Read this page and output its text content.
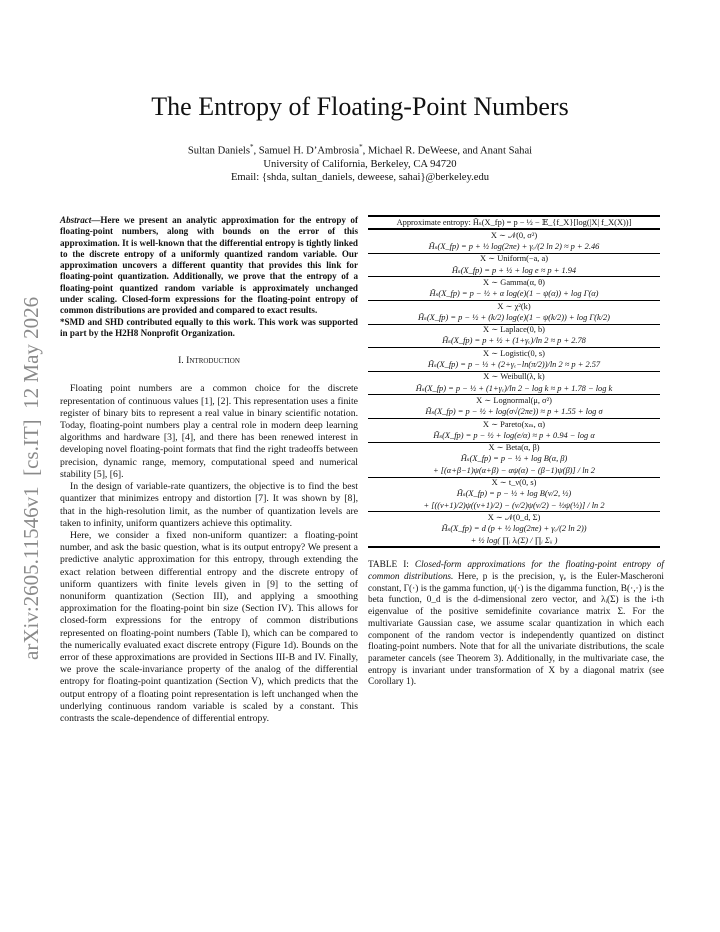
arXiv:2605.11546v1  [cs.IT]  12 May 2026
The Entropy of Floating-Point Numbers
Sultan Daniels*, Samuel H. D’Ambrosia*, Michael R. DeWeese, and Anant Sahai
University of California, Berkeley, CA 94720
Email: {shda, sultan_daniels, deweese, sahai}@berkeley.edu
Abstract—Here we present an analytic approximation for the entropy of floating-point numbers, along with bounds on the error of this approximation. It is well-known that the differential entropy is tightly linked to the discrete entropy of a uniformly quantized random variable. Our approximation uncovers a different quantity that provides this link for floating-point quantization. Additionally, we prove that the entropy of a floating-point quantized random variable is approximately unchanged under scaling. Closed-form expressions for the floating-point entropy of common distributions are provided and compared to exact results.
*SMD and SHD contributed equally to this work. This work was supported in part by the H2H8 Nonprofit Organization.
I. Introduction

Floating point numbers are a common choice for the discrete representation of continuous values [1], [2]. This representation uses a finite register of binary bits to represent a real value in binary scientific notation. Today, floating-point numbers play a central role in modern deep learning algorithms and hardware [3], [4], and there has been renewed interest in developing novel floating-point formats that find the right tradeoffs between precision, dynamic range, memory, computational speed and numerical stability [5], [6].

In the design of variable-rate quantizers, the objective is to find the best quantizer that minimizes entropy and distortion [7]. It was shown by [8], that in the high-resolution limit, as the number of quantization levels are taken to infinity, uniform quantizers achieve this optimality.

Here, we consider a fixed non-uniform quantizer: a floating-point number, and ask the basic question, what is its output entropy? We present a predictive analytic approximation for this entropy, through extending the exact relation between differential entropy and the discrete entropy of uniform quantizers with finite levels given in [9] to the setting of nonuniform quantization (Section III), and applying a smoothing approximation for the floating-point bin size (Section IV). This allows for closed-form expressions for the entropy of common distributions represented on floating-point numbers (Table I), which can be compared to the numerically evaluated exact discrete entropy (Figure 1d). Bounds on the error of these approximations are provided in Sections III-B and IV. Finally, we prove the scale-invariance property of the analog of the differential entropy for floating-point quantization (Section V), which predicts that the output entropy of a floating point representation is left unchanged when the underlying continuous random variable is scaled by a constant. This contrasts the scale-dependence of differential entropy.

Approximate entropy: H̃ₛ(X_fp) = p − ½ − 𝔼_{f_X}[log(|X| f_X(X))]
X ∼ 𝒩(0, σ²)
H̃ₛ(X_fp) = p + ½ log(2πe) + γₑ/(2 ln 2) ≈ p + 2.46
X ∼ Uniform(−a, a)
H̃ₛ(X_fp) = p + ½ + log e ≈ p + 1.94
X ∼ Gamma(α, θ)
H̃ₛ(X_fp) = p − ½ + α log(e)(1 − ψ(α)) + log Γ(α)
X ∼ χ²(k)
H̃ₛ(X_fp) = p − ½ + (k/2) log(e)(1 − ψ(k/2)) + log Γ(k/2)
X ∼ Laplace(0, b)
H̃ₛ(X_fp) = p + ½ + (1+γₑ)/ln 2 ≈ p + 2.78
X ∼ Logistic(0, s)
H̃ₛ(X_fp) = p − ½ + (2+γₑ−ln(π/2))/ln 2 ≈ p + 2.57
X ∼ Weibull(λ, k)
H̃ₛ(X_fp) = p − ½ + (1+γₑ)/ln 2 − log k ≈ p + 1.78 − log k
X ∼ Lognormal(μ, σ²)
H̃ₛ(X_fp) = p − ½ + log(σ√(2πe)) ≈ p + 1.55 + log σ
X ∼ Pareto(xₘ, α)
H̃ₛ(X_fp) = p − ½ + log(e/α) ≈ p + 0.94 − log α
X ∼ Beta(α, β)
H̃ₛ(X_fp) = p − ½ + log B(α, β)
+ [(α+β−1)ψ(α+β) − αψ(α) − (β−1)ψ(β)] / ln 2
X ∼ t_ν(0, s)
H̃ₛ(X_fp) = p − ½ + log B(ν/2, ½)
+ [((ν+1)/2)ψ((ν+1)/2) − (ν/2)ψ(ν/2) − ½ψ(½)] / ln 2
X ∼ 𝒩(0_d, Σ)
H̃ₛ(X_fp) = d (p + ½ log(2πe) + γₑ/(2 ln 2))
+ ½ log( ∏ᵢ λᵢ(Σ) / ∏ᵢ Σᵢᵢ )
TABLE I: Closed-form approximations for the floating-point entropy of common distributions. Here, p is the precision, γₑ is the Euler-Mascheroni constant, Γ(·) is the gamma function, ψ(·) is the digamma function, B(·,·) is the beta function, 0_d is the d-dimensional zero vector, and λᵢ(Σ) is the i-th eigenvalue of the positive semidefinite covariance matrix Σ. For the multivariate Gaussian case, we assume scalar quantization in which each component of the random vector is independently quantized on distinct floating-point numbers. Note that for all the univariate distributions, the scale parameter cancels (see Theorem 3). Additionally, in the multivariate case, the entropy is invariant under transformation of X by a diagonal matrix (see Corollary 1).
